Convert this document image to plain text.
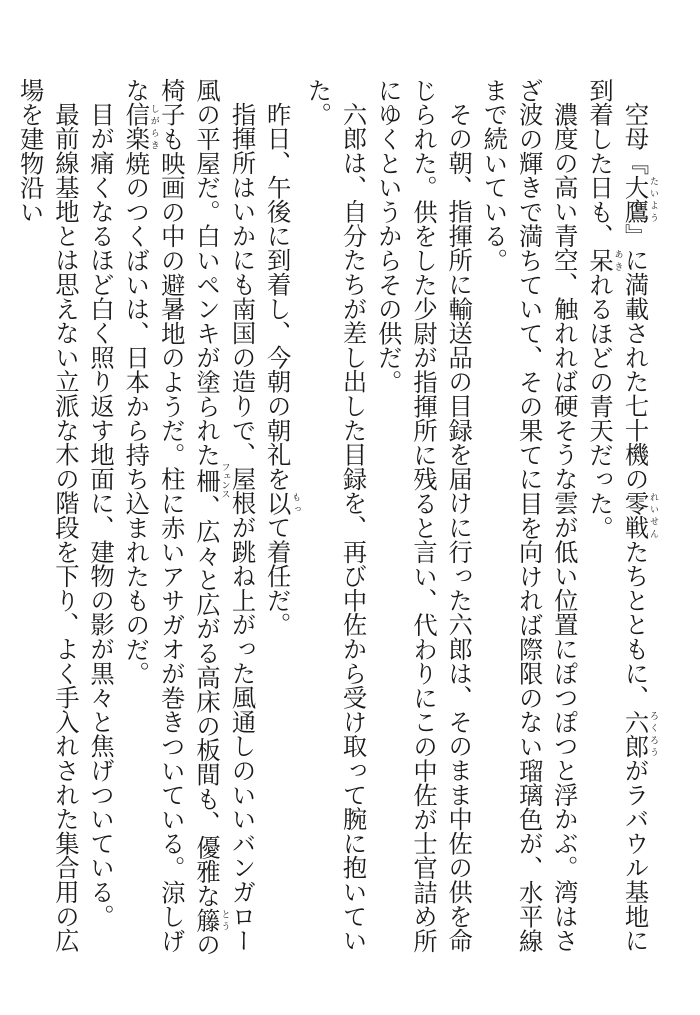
空母『大鷹たいよう』に満載された七十機の零戦れいせんたちとともに、六郎ろくろうがラバウル基地に到着した日も、呆あきれるほどの青天だった。

濃度の高い青空、触れれば硬そうな雲が低い位置にぽつぽつと浮かぶ。湾はさざ波の輝きで満ちていて、その果てに目を向ければ際限のない瑠璃色が、水平線まで続いている。

その朝、指揮所に輸送品の目録を届けに行った六郎は、そのまま中佐の供を命じられた。供をした少尉が指揮所に残ると言い、代わりにこの中佐が士官詰め所にゆくというからその供だ。

六郎は、自分たちが差し出した目録を、再び中佐から受け取って腕に抱いていた。

昨日、午後に到着し、今朝の朝礼を以もって着任だ。

指揮所はいかにも南国の造りで、屋根が跳ね上がった風通しのいいバンガロー風の平屋だ。白いペンキが塗られた柵フェンス、広々と広がる高床の板間も、優雅な籐とうの椅子も映画の中の避暑地のようだ。柱に赤いアサガオが巻きついている。涼しげな信楽しがらき焼のつくばいは、日本から持ち込まれたものだ。

目が痛くなるほど白く照り返す地面に、建物の影が黒々と焦げついている。

最前線基地とは思えない立派な木の階段を下り、よく手入れされた集合用の広場を建物沿い
